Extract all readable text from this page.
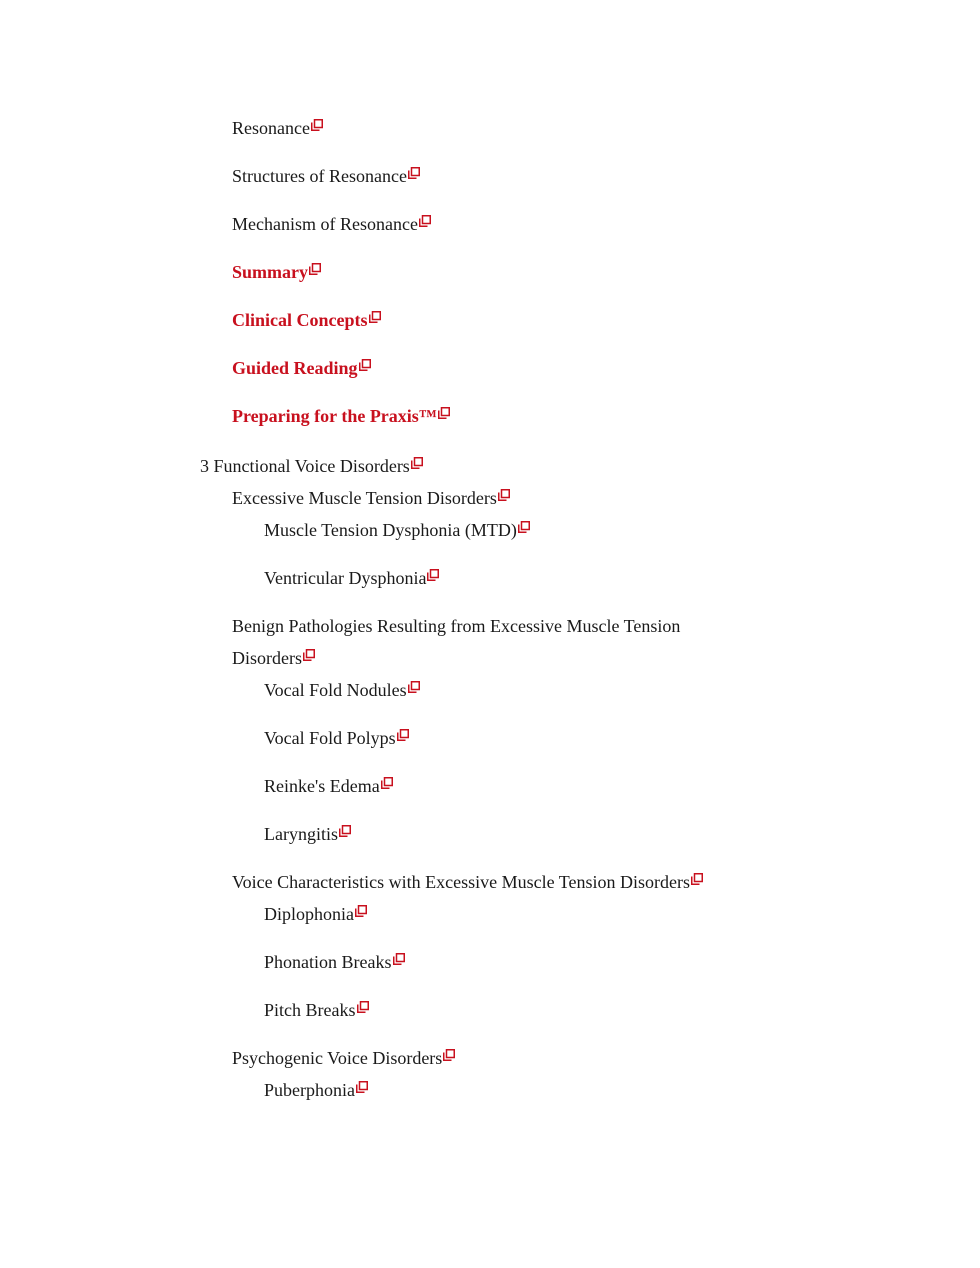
Resonance
Structures of Resonance
Mechanism of Resonance
Summary
Clinical Concepts
Guided Reading
Preparing for the Praxis™
3 Functional Voice Disorders
Excessive Muscle Tension Disorders
Muscle Tension Dysphonia (MTD)
Ventricular Dysphonia
Benign Pathologies Resulting from Excessive Muscle Tension Disorders
Vocal Fold Nodules
Vocal Fold Polyps
Reinke's Edema
Laryngitis
Voice Characteristics with Excessive Muscle Tension Disorders
Diplophonia
Phonation Breaks
Pitch Breaks
Psychogenic Voice Disorders
Puberphonia
